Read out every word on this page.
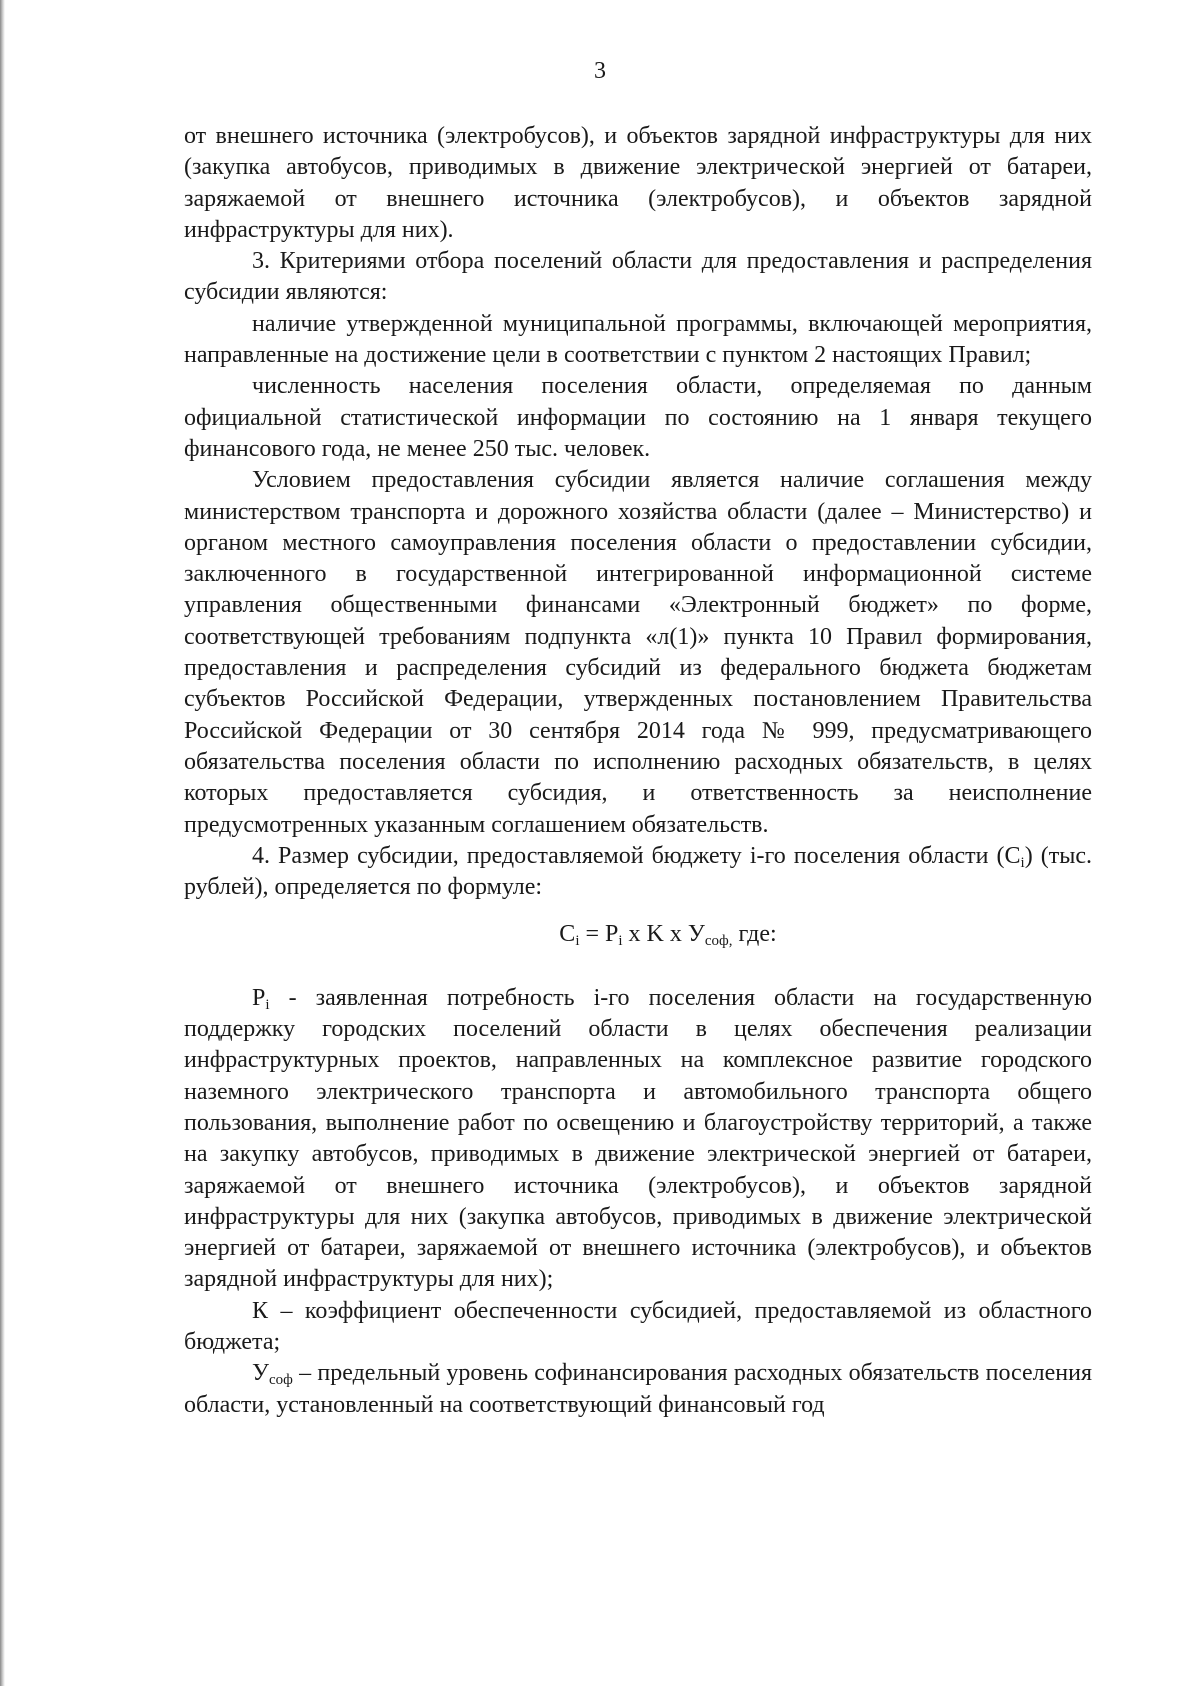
3

от внешнего источника (электробусов), и объектов зарядной инфраструктуры для них (закупка автобусов, приводимых в движение электрической энергией от батареи, заряжаемой от внешнего источника (электробусов), и объектов зарядной инфраструктуры для них).

3. Критериями отбора поселений области для предоставления и распределения субсидии являются:

наличие утвержденной муниципальной программы, включающей мероприятия, направленные на достижение цели в соответствии с пунктом 2 настоящих Правил;

численность населения поселения области, определяемая по данным официальной статистической информации по состоянию на 1 января текущего финансового года, не менее 250 тыс. человек.

Условием предоставления субсидии является наличие соглашения между министерством транспорта и дорожного хозяйства области (далее – Министерство) и органом местного самоуправления поселения области о предоставлении субсидии, заключенного в государственной интегрированной информационной системе управления общественными финансами «Электронный бюджет» по форме, соответствующей требованиям подпункта «л(1)» пункта 10 Правил формирования, предоставления и распределения субсидий из федерального бюджета бюджетам субъектов Российской Федерации, утвержденных постановлением Правительства Российской Федерации от 30 сентября 2014 года № 999, предусматривающего обязательства поселения области по исполнению расходных обязательств, в целях которых предоставляется субсидия, и ответственность за неисполнение предусмотренных указанным соглашением обязательств.

4. Размер субсидии, предоставляемой бюджету i-го поселения области (Ci) (тыс. рублей), определяется по формуле:

$C_i = P_i$ x K x $У_{соф,}$ где:

Pi - заявленная потребность i-го поселения области на государственную поддержку городских поселений области в целях обеспечения реализации инфраструктурных проектов, направленных на комплексное развитие городского наземного электрического транспорта и автомобильного транспорта общего пользования, выполнение работ по освещению и благоустройству территорий, а также на закупку автобусов, приводимых в движение электрической энергией от батареи, заряжаемой от внешнего источника (электробусов), и объектов зарядной инфраструктуры для них (закупка автобусов, приводимых в движение электрической энергией от батареи, заряжаемой от внешнего источника (электробусов), и объектов зарядной инфраструктуры для них);

К – коэффициент обеспеченности субсидией, предоставляемой из областного бюджета;

Усоф – предельный уровень софинансирования расходных обязательств поселения области, установленный на соответствующий финансовый год
